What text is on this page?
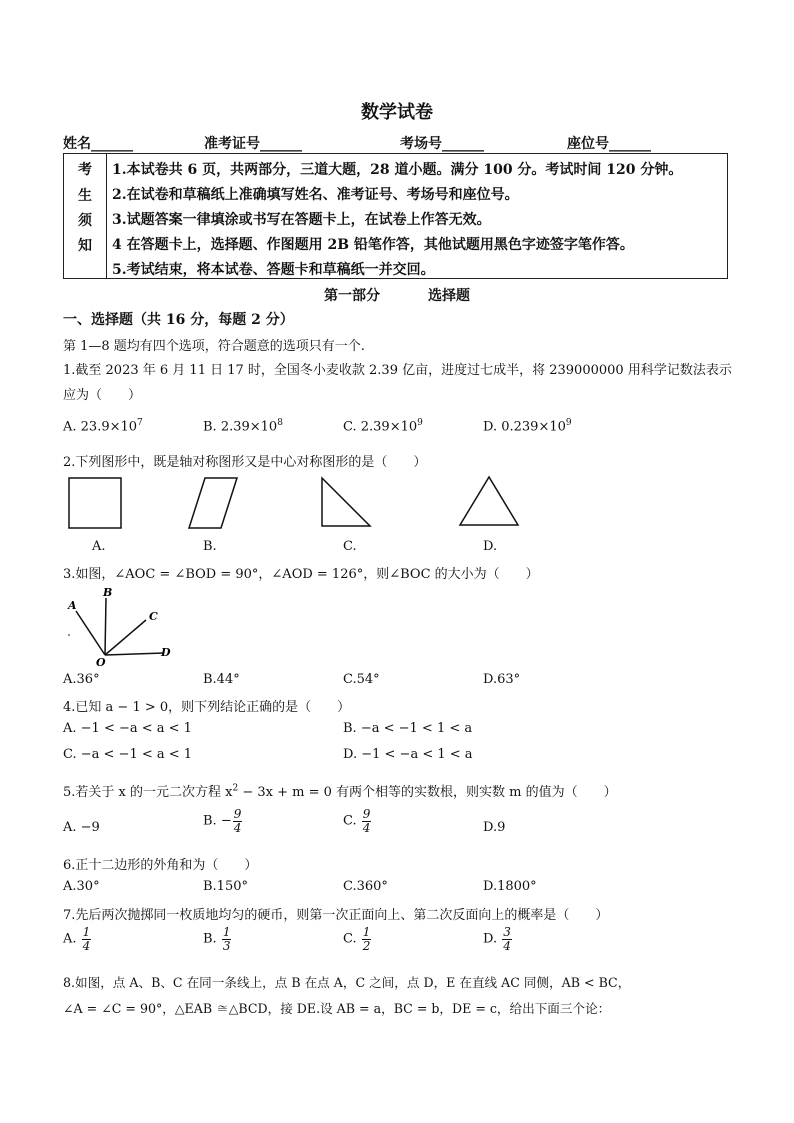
数学试卷
姓名______	准考证号______	考场号______	座位号______
考
生
须
知
1.本试卷共 6 页，共两部分，三道大题，28 道小题。满分 100 分。考试时间 120 分钟。
2.在试卷和草稿纸上准确填写姓名、准考证号、考场号和座位号。
3.试题答案一律填涂或书写在答题卡上，在试卷上作答无效。
4 在答题卡上，选择题、作图题用 2B 铅笔作答，其他试题用黑色字迹签字笔作答。
5.考试结束，将本试卷、答题卡和草稿纸一并交回。
第一部分	选择题
一、选择题（共 16 分，每题 2 分）
第 1—8 题均有四个选项，符合题意的选项只有一个.
1.截至 2023 年 6 月 11 日 17 时，全国冬小麦收款 2.39 亿亩，进度过七成半，将 239000000 用科学记数法表示
应为（　　）
A. $23.9\times 10^7$	B. $2.39\times 10^8$	C. $2.39\times 10^9$	D. $0.239\times 10^9$
2.下列图形中，既是轴对称图形又是中心对称图形的是（　　）
A.	B.	C.	D.
3.如图，∠AOC = ∠BOD = 90°，∠AOD = 126°，则∠BOC 的大小为（　　）
A
B
C
D
O
A.36°	B.44°	C.54°	D.63°
4.已知 a − 1 > 0，则下列结论正确的是（　　）
A. −1 < −a < a < 1	B. −a < −1 < 1 < a
C. −a < −1 < a < 1	D. −1 < −a < 1 < a
5.若关于 x 的一元二次方程 $x^2 - 3x + m = 0$ 有两个相等的实数根，则实数 m 的值为（　　）
A. −9	B. − $\frac{9}{4}$	C. $\frac{9}{4}$	D.9
6.正十二边形的外角和为（　　）
A.30°	B.150°	C.360°	D.1800°
7.先后两次抛掷同一枚质地均匀的硬币，则第一次正面向上、第二次反面向上的概率是（　　）
A. $\frac{1}{4}$	B. $\frac{1}{3}$	C. $\frac{1}{2}$	D. $\frac{3}{4}$
8.如图，点 A、B、C 在同一条线上，点 B 在点 A，C 之间，点 D，E 在直线 AC 同侧，AB < BC，
∠A = ∠C = 90°，△EAB ≅△BCD，接 DE.设 AB = a，BC = b，DE = c，给出下面三个论：
